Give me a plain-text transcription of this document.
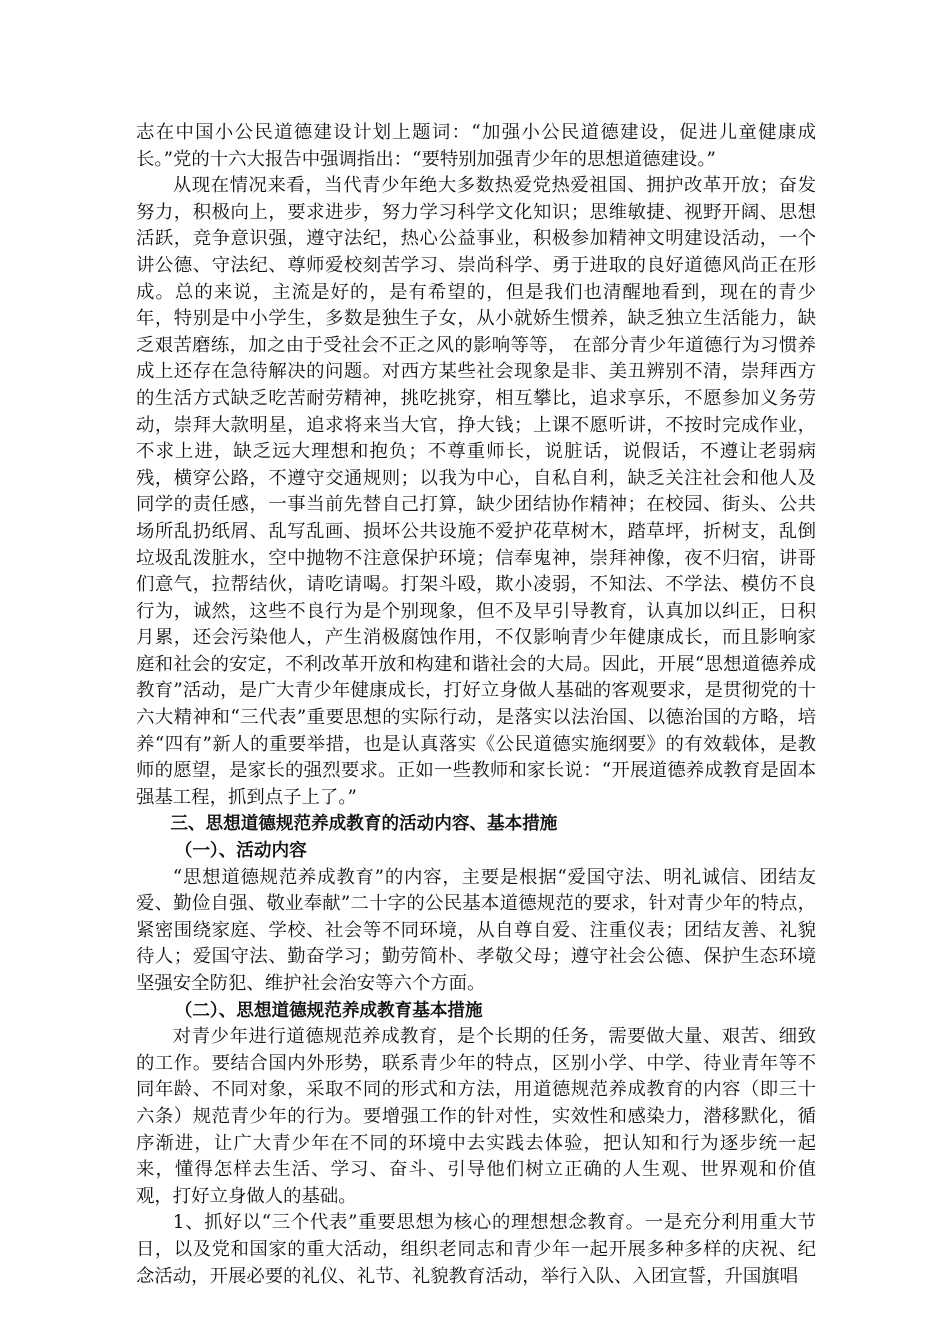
志在中国小公民道德建设计划上题词：“加强小公民道德建设，促进儿童健康成长。”党的十六大报告中强调指出：“要特别加强青少年的思想道德建设。”

从现在情况来看，当代青少年绝大多数热爱党热爱祖国、拥护改革开放；奋发努力，积极向上，要求进步，努力学习科学文化知识；思维敏捷、视野开阔、思想活跃，竞争意识强，遵守法纪，热心公益事业，积极参加精神文明建设活动，一个讲公德、守法纪、尊师爱校刻苦学习、崇尚科学、勇于进取的良好道德风尚正在形成。总的来说，主流是好的，是有希望的，但是我们也清醒地看到，现在的青少年，特别是中小学生，多数是独生子女，从小就娇生惯养，缺乏独立生活能力，缺乏艰苦磨练，加之由于受社会不正之风的影响等等， 在部分青少年道德行为习惯养成上还存在急待解决的问题。对西方某些社会现象是非、美丑辨别不清，崇拜西方的生活方式缺乏吃苦耐劳精神，挑吃挑穿，相互攀比，追求享乐，不愿参加义务劳动，崇拜大款明星，追求将来当大官，挣大钱；上课不愿听讲，不按时完成作业，不求上进，缺乏远大理想和抱负；不尊重师长，说脏话，说假话，不遵让老弱病残，横穿公路，不遵守交通规则；以我为中心，自私自利，缺乏关注社会和他人及同学的责任感，一事当前先替自己打算，缺少团结协作精神；在校园、街头、公共场所乱扔纸屑、乱写乱画、损坏公共设施不爱护花草树木，踏草坪，折树支，乱倒垃圾乱泼脏水，空中抛物不注意保护环境；信奉鬼神，崇拜神像，夜不归宿，讲哥们意气，拉帮结伙，请吃请喝。打架斗殴，欺小凌弱，不知法、不学法、模仿不良行为，诚然，这些不良行为是个别现象，但不及早引导教育，认真加以纠正，日积月累，还会污染他人，产生消极腐蚀作用，不仅影响青少年健康成长，而且影响家庭和社会的安定，不利改革开放和构建和谐社会的大局。因此，开展“思想道德养成教育”活动，是广大青少年健康成长，打好立身做人基础的客观要求，是贯彻党的十六大精神和“三代表”重要思想的实际行动，是落实以法治国、以德治国的方略，培养“四有”新人的重要举措，也是认真落实《公民道德实施纲要》的有效载体，是教师的愿望，是家长的强烈要求。正如一些教师和家长说：“开展道德养成教育是固本强基工程，抓到点子上了。”

三、思想道德规范养成教育的活动内容、基本措施

（一）、活动内容

“思想道德规范养成教育”的内容，主要是根据“爱国守法、明礼诚信、团结友爱、勤俭自强、敬业奉献”二十字的公民基本道德规范的要求，针对青少年的特点，紧密围绕家庭、学校、社会等不同环境，从自尊自爱、注重仪表；团结友善、礼貌待人；爱国守法、勤奋学习；勤劳简朴、孝敬父母；遵守社会公德、保护生态环境坚强安全防犯、维护社会治安等六个方面。

（二）、思想道德规范养成教育基本措施

对青少年进行道德规范养成教育，是个长期的任务，需要做大量、艰苦、细致的工作。要结合国内外形势，联系青少年的特点，区别小学、中学、待业青年等不同年龄、不同对象，采取不同的形式和方法，用道德规范养成教育的内容（即三十六条）规范青少年的行为。要增强工作的针对性，实效性和感染力，潜移默化，循序渐进，让广大青少年在不同的环境中去实践去体验，把认知和行为逐步统一起来，懂得怎样去生活、学习、奋斗、引导他们树立正确的人生观、世界观和价值观，打好立身做人的基础。

1、抓好以“三个代表”重要思想为核心的理想想念教育。一是充分利用重大节日，以及党和国家的重大活动，组织老同志和青少年一起开展多种多样的庆祝、纪念活动，开展必要的礼仪、礼节、礼貌教育活动，举行入队、入团宣誓，升国旗唱
